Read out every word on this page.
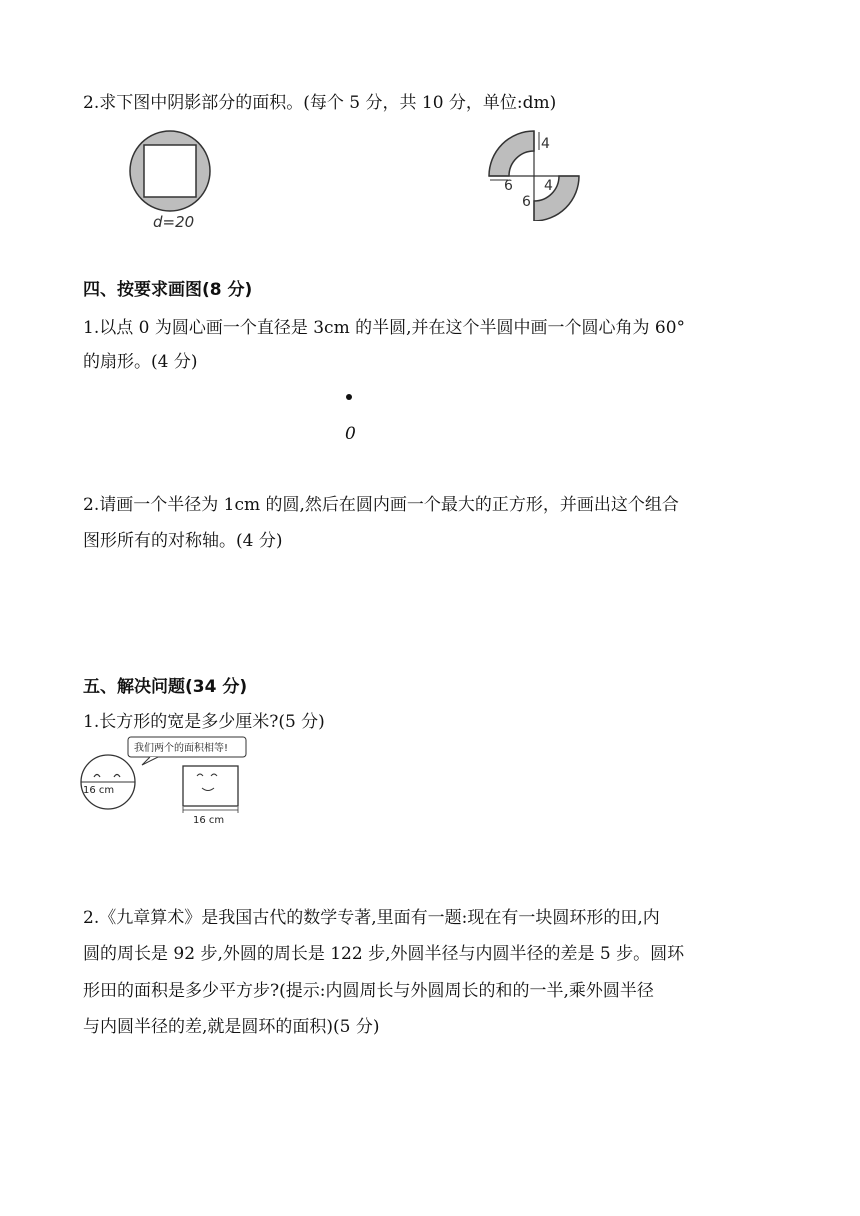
2.求下图中阴影部分的面积。(每个 5 分，共 10 分，单位:dm)
d=20
4
4
6
6
四、按要求画图(8 分)
1.以点 0 为圆心画一个直径是 3cm 的半圆,并在这个半圆中画一个圆心角为 60°
的扇形。(4 分)
0
2.请画一个半径为 1cm 的圆,然后在圆内画一个最大的正方形，并画出这个组合
图形所有的对称轴。(4 分)
五、解决问题(34 分)
1.长方形的宽是多少厘米?(5 分)
我们两个的面积相等!
16 cm
16 cm
2.《九章算术》是我国古代的数学专著,里面有一题:现在有一块圆环形的田,内
圆的周长是 92 步,外圆的周长是 122 步,外圆半径与内圆半径的差是 5 步。圆环
形田的面积是多少平方步?(提示:内圆周长与外圆周长的和的一半,乘外圆半径
与内圆半径的差,就是圆环的面积)(5 分)
